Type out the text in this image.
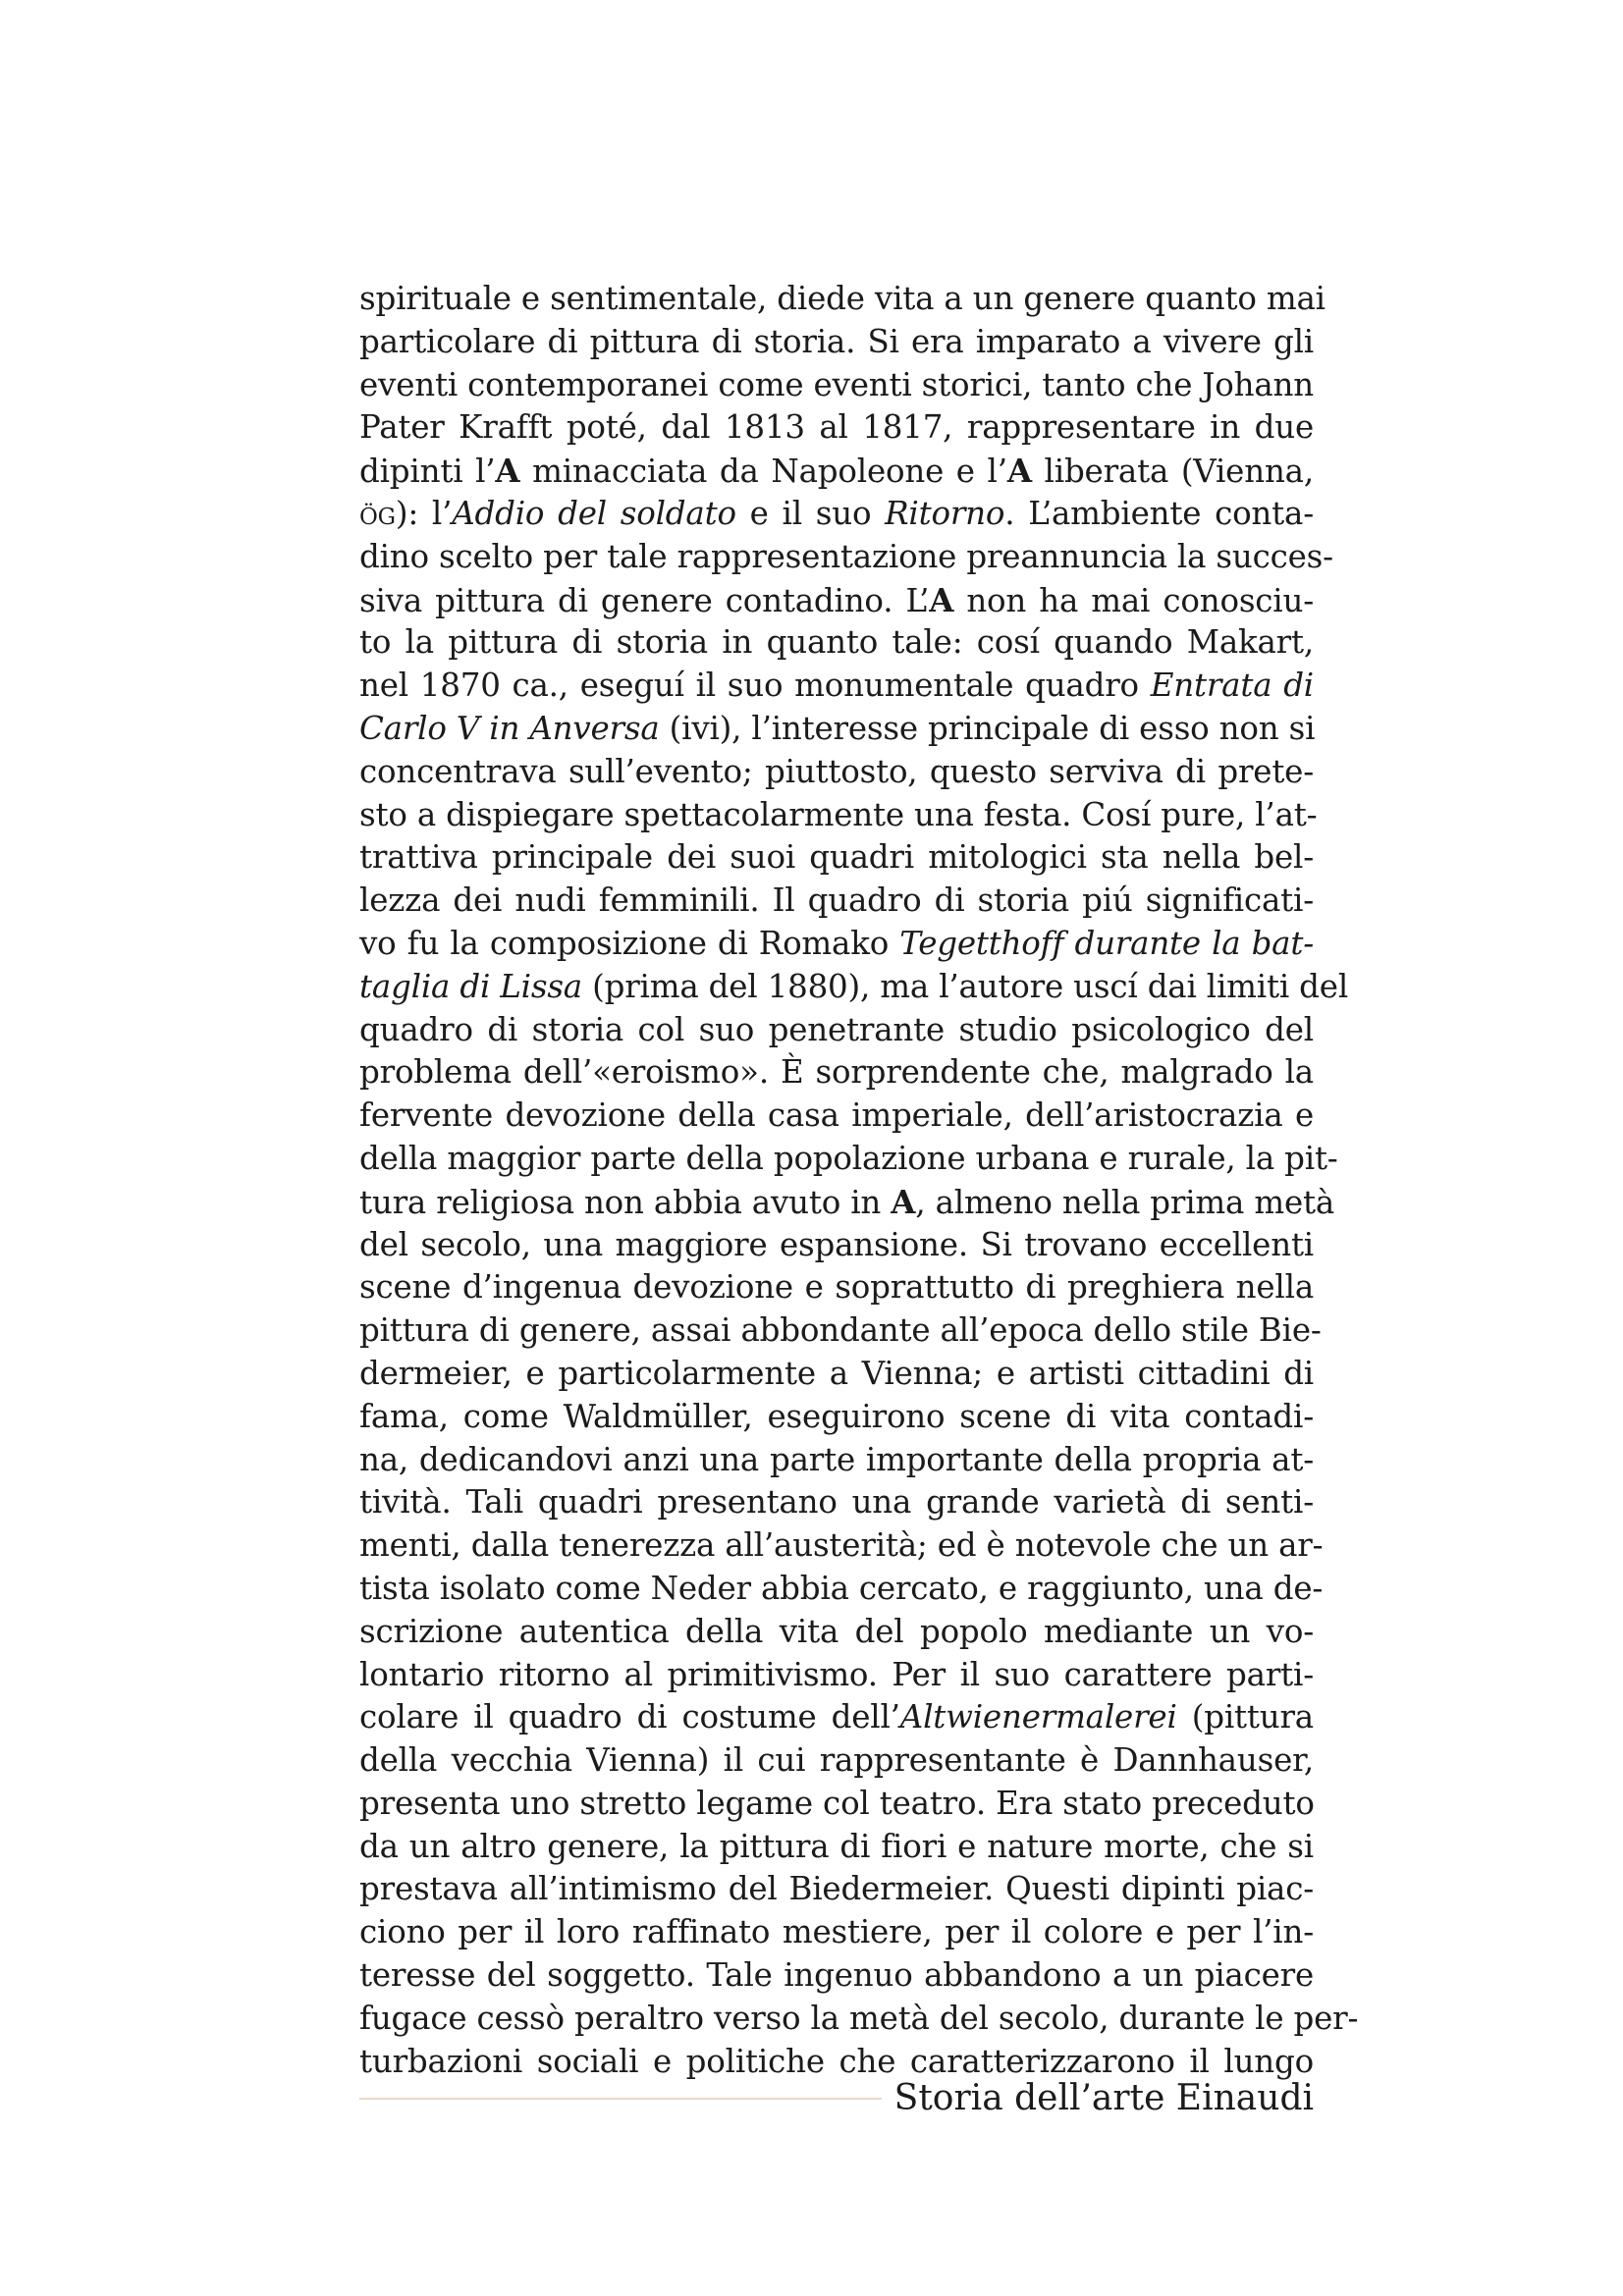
spirituale e sentimentale, diede vita a un genere quanto mai
particolare di pittura di storia. Si era imparato a vivere gli
eventi contemporanei come eventi storici, tanto che Johann
Pater Krafft poté, dal 1813 al 1817, rappresentare in due
dipinti l’A minacciata da Napoleone e l’A liberata (Vienna,
ög): l’Addio del soldato e il suo Ritorno. L’ambiente conta-
dino scelto per tale rappresentazione preannuncia la succes-
siva pittura di genere contadino. L’A non ha mai conosciu-
to la pittura di storia in quanto tale: cosí quando Makart,
nel 1870 ca., eseguí il suo monumentale quadro Entrata di
Carlo V in Anversa (ivi), l’interesse principale di esso non si
concentrava sull’evento; piuttosto, questo serviva di prete-
sto a dispiegare spettacolarmente una festa. Cosí pure, l’at-
trattiva principale dei suoi quadri mitologici sta nella bel-
lezza dei nudi femminili. Il quadro di storia piú significati-
vo fu la composizione di Romako Tegetthoff durante la bat-
taglia di Lissa (prima del 1880), ma l’autore uscí dai limiti del
quadro di storia col suo penetrante studio psicologico del
problema dell’«eroismo». È sorprendente che, malgrado la
fervente devozione della casa imperiale, dell’aristocrazia e
della maggior parte della popolazione urbana e rurale, la pit-
tura religiosa non abbia avuto in A, almeno nella prima metà
del secolo, una maggiore espansione. Si trovano eccellenti
scene d’ingenua devozione e soprattutto di preghiera nella
pittura di genere, assai abbondante all’epoca dello stile Bie-
dermeier, e particolarmente a Vienna; e artisti cittadini di
fama, come Waldmüller, eseguirono scene di vita contadi-
na, dedicandovi anzi una parte importante della propria at-
tività. Tali quadri presentano una grande varietà di senti-
menti, dalla tenerezza all’austerità; ed è notevole che un ar-
tista isolato come Neder abbia cercato, e raggiunto, una de-
scrizione autentica della vita del popolo mediante un vo-
lontario ritorno al primitivismo. Per il suo carattere parti-
colare il quadro di costume dell’Altwienermalerei (pittura
della vecchia Vienna) il cui rappresentante è Dannhauser,
presenta uno stretto legame col teatro. Era stato preceduto
da un altro genere, la pittura di fiori e nature morte, che si
prestava all’intimismo del Biedermeier. Questi dipinti piac-
ciono per il loro raffinato mestiere, per il colore e per l’in-
teresse del soggetto. Tale ingenuo abbandono a un piacere
fugace cessò peraltro verso la metà del secolo, durante le per-
turbazioni sociali e politiche che caratterizzarono il lungo
Storia dell’arte Einaudi
